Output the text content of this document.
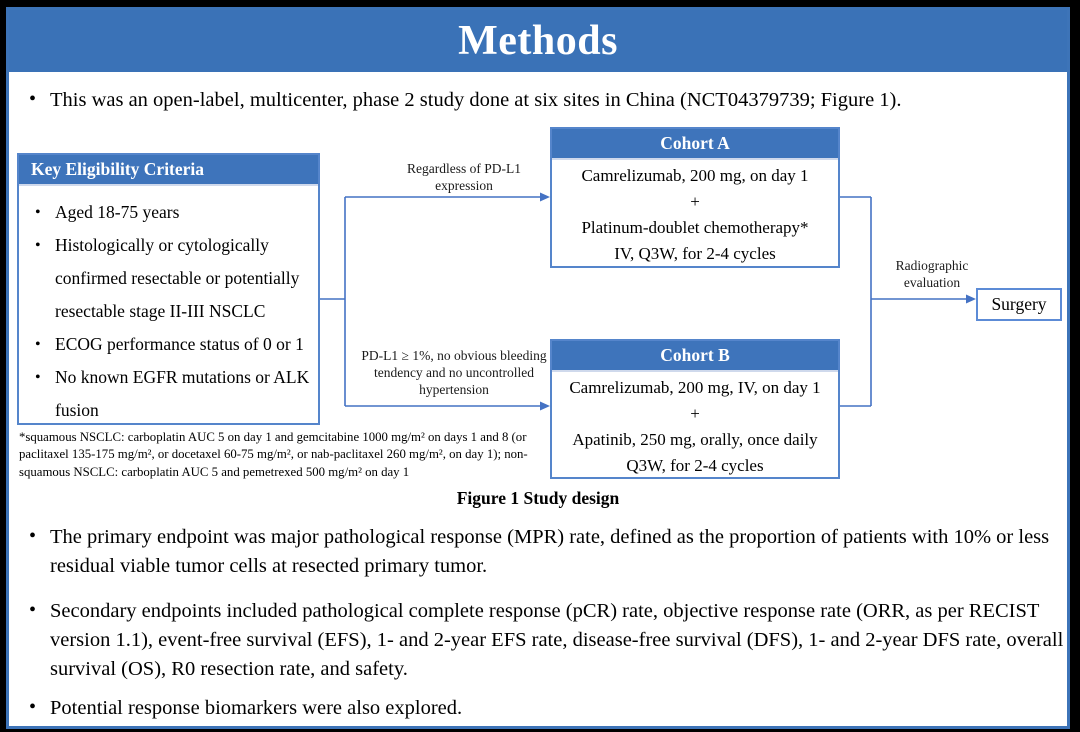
Methods
• This was an open-label, multicenter, phase 2 study done at six sites in China (NCT04379739; Figure 1).
Key Eligibility Criteria
• Aged 18-75 years
• Histologically or cytologically confirmed resectable or potentially resectable stage II-III NSCLC
• ECOG performance status of 0 or 1
• No known EGFR mutations or ALK fusion
Regardless of PD-L1 expression
PD-L1 ≥ 1%, no obvious bleeding tendency and no uncontrolled hypertension
Cohort A
Camrelizumab, 200 mg, on day 1
+
Platinum-doublet chemotherapy*
IV, Q3W, for 2-4 cycles
Cohort B
Camrelizumab, 200 mg, IV, on day 1
+
Apatinib, 250 mg, orally, once daily
Q3W, for 2-4 cycles
Radiographic evaluation
Surgery
*squamous NSCLC: carboplatin AUC 5 on day 1 and gemcitabine 1000 mg/m² on days 1 and 8 (or paclitaxel 135-175 mg/m², or docetaxel 60-75 mg/m², or nab-paclitaxel 260 mg/m², on day 1); non-squamous NSCLC: carboplatin AUC 5 and pemetrexed 500 mg/m² on day 1
Figure 1 Study design
• The primary endpoint was major pathological response (MPR) rate, defined as the proportion of patients with 10% or less residual viable tumor cells at resected primary tumor.
• Secondary endpoints included pathological complete response (pCR) rate, objective response rate (ORR, as per RECIST version 1.1), event-free survival (EFS), 1- and 2-year EFS rate, disease-free survival (DFS), 1- and 2-year DFS rate, overall survival (OS), R0 resection rate, and safety.
• Potential response biomarkers were also explored.
